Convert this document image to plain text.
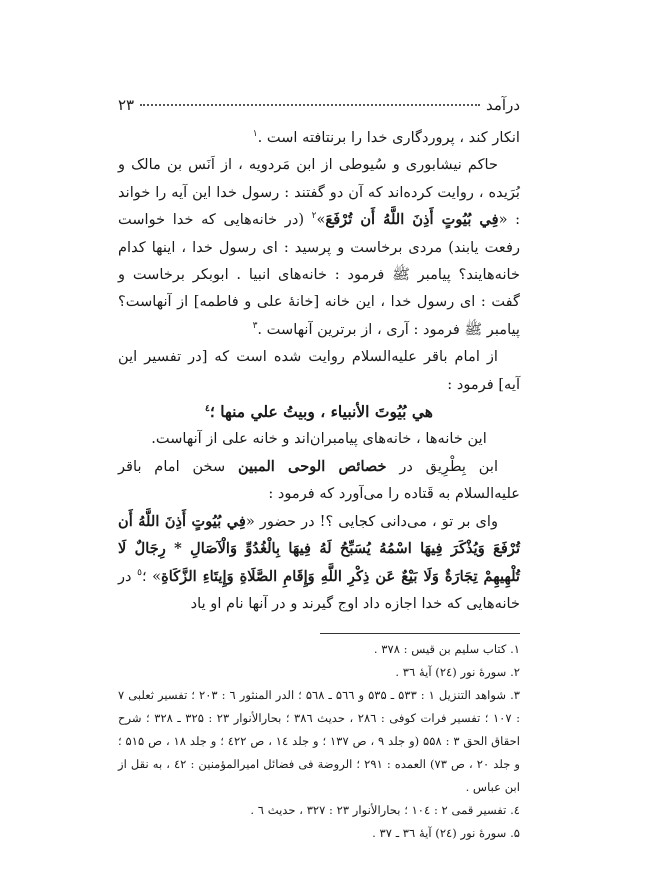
درآمد
۲۳

انکار کند ، پروردگاری خدا را برنتافته است .$^۱$

حاکم نیشابوری و سُیوطی از ابن مَردویه ، از اَنَس بن مالک و بُرَیده ، روایت کرده‌اند که آن دو گفتند : رسول خدا این آیه را خواند : «فِي بُيُوتٍ أَذِنَ اللَّهُ أَن تُرْفَعَ»$^۲$ (در خانه‌هایی که خدا خواست رفعت یابند) مردی برخاست و پرسید : ای رسول خدا ، اینها کدام خانه‌هایند؟ پیامبر ﷺ فرمود : خانه‌های انبیا . ابوبکر برخاست و گفت : ای رسول خدا ، این خانه [خانهٔ علی و فاطمه] از آنهاست؟ پیامبر ﷺ فرمود : آری ، از برترین آنهاست .$^۳$

از امام باقر علیه‌السلام روایت شده است که [در تفسیر این آیه] فرمود :

هي بُيُوتَ الأنبياء ، وبيتُ علي منها ؛$^٤$

این خانه‌ها ، خانه‌های پیامبران‌اند و خانه علی از آنهاست.

ابن بِطْرِیق در خصائص الوحی المبین سخن امام باقر علیه‌السلام به قَتاده را می‌آورد که فرمود :

وای بر تو ، می‌دانی کجایی ؟! در حضور «فِي بُيُوتٍ أَذِنَ اللَّهُ أَن تُرْفَعَ وَيُذْكَرَ فِيهَا اسْمُهُ يُسَبِّحُ لَهُ فِيهَا بِالْغُدُوِّ وَالْآصَالِ * رِجَالٌ لَا تُلْهِيهِمْ تِجَارَةٌ وَلَا بَيْعٌ عَن ذِكْرِ اللَّهِ وَإِقَامِ الصَّلَاةِ وَإِيتَاءِ الزَّكَاةِ» ؛$^٥$ در خانه‌هایی که خدا اجازه داد اوج گیرند و در آنها نام او یاد

۱. کتاب سلیم بن قیس : ۳۷۸ .

۲. سورهٔ نور (۲٤) آیهٔ ۳٦ .

۳. شواهد التنزیل ۱ : ۵۳۳ ـ ۵۳۵ و ۵٦٦ ـ ۵٦۸ ؛ الدر المنثور ٦ : ۲۰۳ ؛ تفسیر ثعلبی ۷ : ۱۰۷ ؛ تفسیر فرات کوفی : ۲۸٦ ، حدیث ۳۸٦ ؛ بحارالأنوار ۲۳ : ۳۲۵ ـ ۳۲۸ ؛ شرح احقاق الحق ۳ : ۵۵۸ (و جلد ۹ ، ص ۱۳۷ ؛ و جلد ۱٤ ، ص ٤۲۲ ؛ و جلد ۱۸ ، ص ۵۱۵ ؛ و جلد ۲۰ ، ص ۷۳) العمده : ۲۹۱ ؛ الروضة فی فضائل امیرالمؤمنین : ٤۲ ، به نقل از ابن عباس .

٤. تفسیر قمی ۲ : ۱۰٤ ؛ بحارالأنوار ۲۳ : ۳۲۷ ، حدیث ٦ .

۵. سورهٔ نور (۲٤) آیهٔ ۳٦ ـ ۳۷ .
